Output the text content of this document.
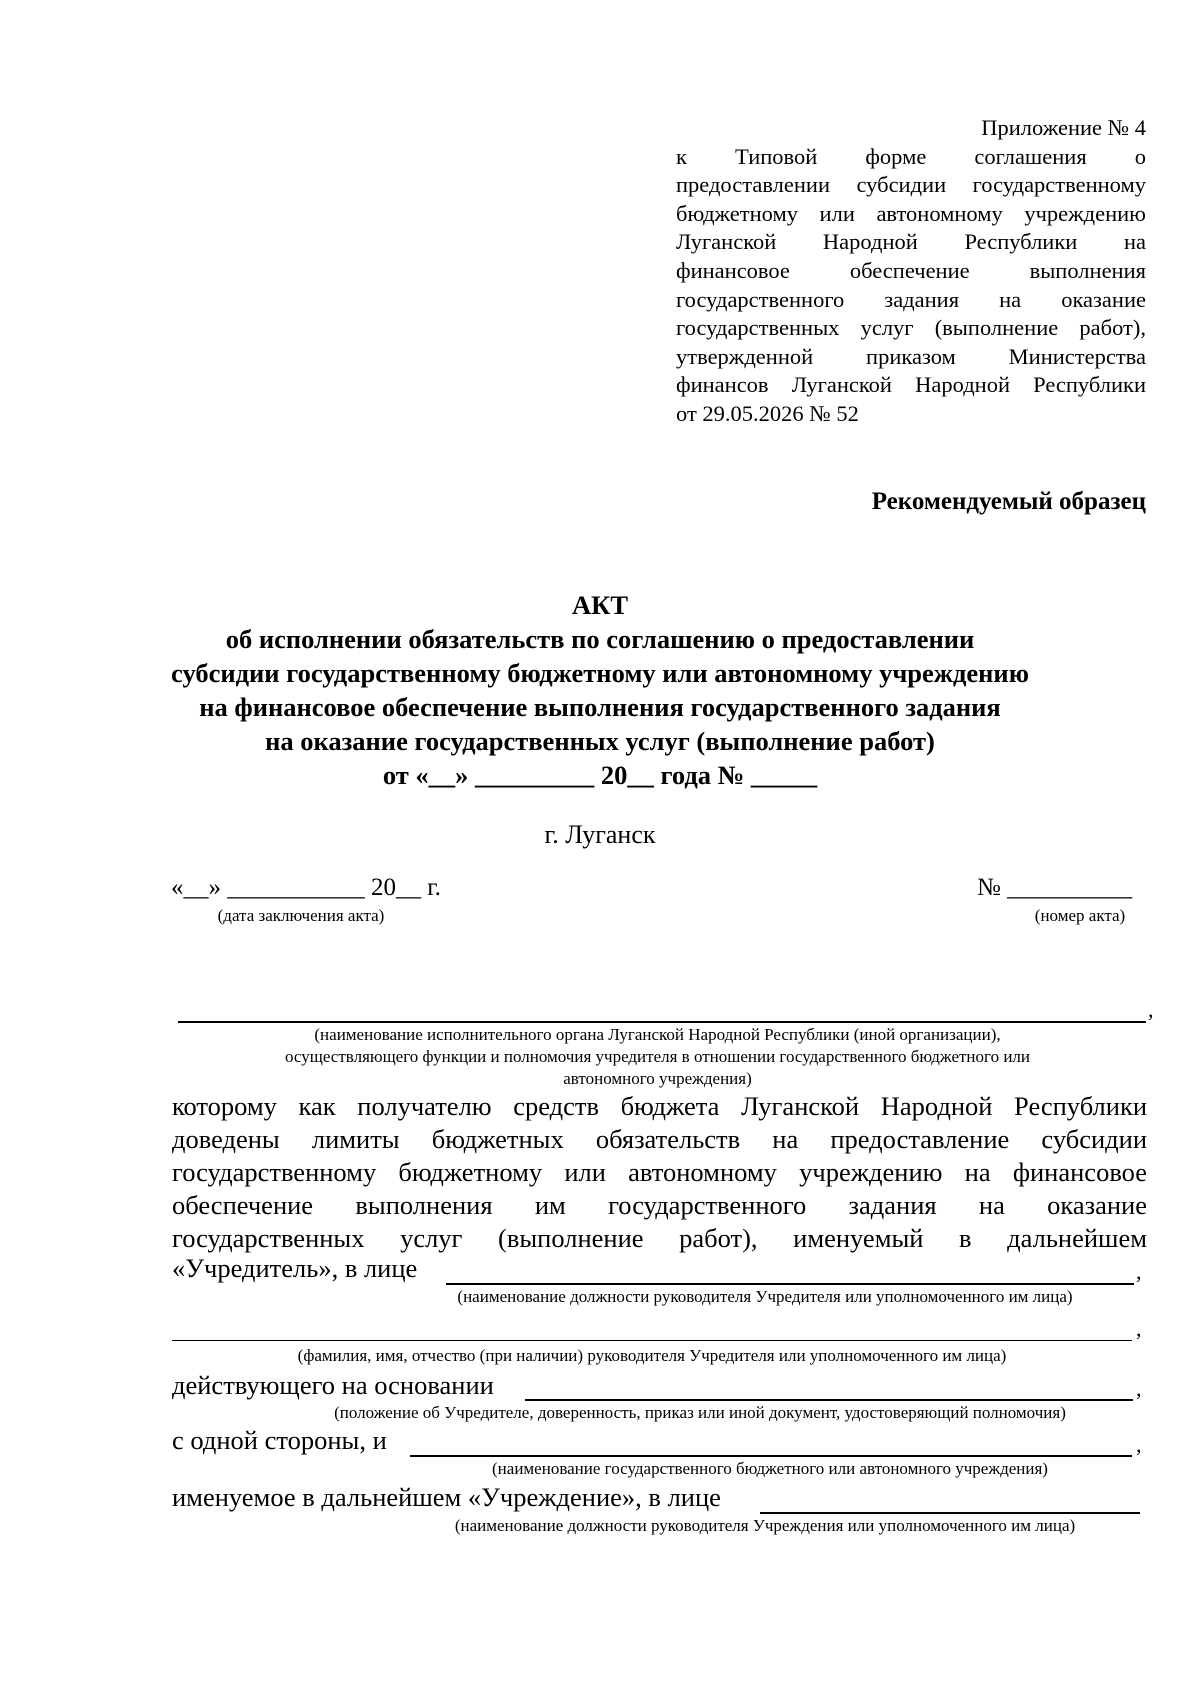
Приложение № 4
к Типовой форме соглашения о
предоставлении субсидии государственному
бюджетному или автономному учреждению
Луганской Народной Республики на
финансовое обеспечение выполнения
государственного задания на оказание
государственных услуг (выполнение работ),
утвержденной приказом Министерства
финансов Луганской Народной Республики
от 29.05.2026 № 52
Рекомендуемый образец
АКТ
об исполнении обязательств по соглашению о предоставлении
субсидии государственному бюджетному или автономному учреждению
на финансовое обеспечение выполнения государственного задания
на оказание государственных услуг (выполнение работ)
от «__» _________ 20__ года № _____
г. Луганск
«__» ___________ 20__ г.
(дата заключения акта)
№ __________
(номер акта)
,
(наименование исполнительного органа Луганской Народной Республики (иной организации),
осуществляющего функции и полномочия учредителя в отношении государственного бюджетного или
автономного учреждения)
которому как получателю средств бюджета Луганской Народной Республики
доведены лимиты бюджетных обязательств на предоставление субсидии
государственному бюджетному или автономному учреждению на финансовое
обеспечение выполнения им государственного задания на оказание
государственных услуг (выполнение работ), именуемый в дальнейшем
«Учредитель», в лице	,
(наименование должности руководителя Учредителя или уполномоченного им лица)
,
(фамилия, имя, отчество (при наличии) руководителя Учредителя или уполномоченного им лица)
действующего на основании	,
(положение об Учредителе, доверенность, приказ или иной документ, удостоверяющий полномочия)
с одной стороны, и	,
(наименование государственного бюджетного или автономного учреждения)
именуемое в дальнейшем «Учреждение», в лице
(наименование должности руководителя Учреждения или уполномоченного им лица)
